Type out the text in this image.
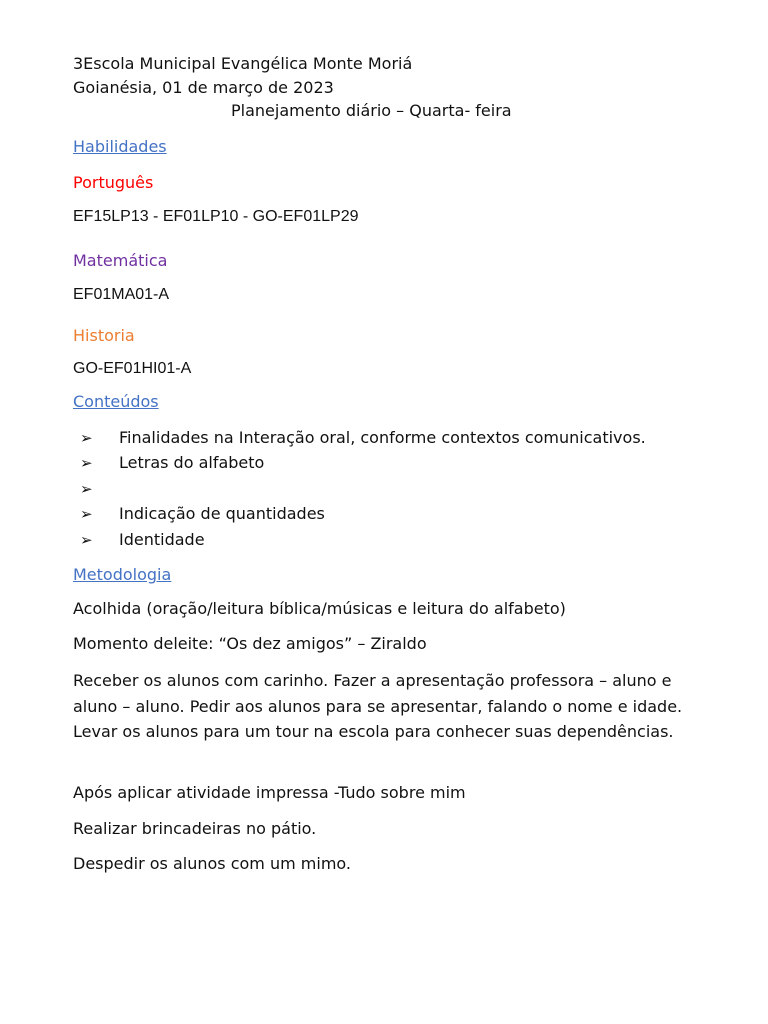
3Escola Municipal Evangélica Monte Moriá
Goianésia, 01 de março de 2023
Planejamento diário – Quarta- feira
Habilidades
Português
EF15LP13 - EF01LP10 - GO-EF01LP29
Matemática
EF01MA01-A
Historia
GO-EF01HI01-A
Conteúdos
➢ Finalidades na Interação oral, conforme contextos comunicativos.
➢ Letras do alfabeto
➢
➢ Indicação de quantidades
➢ Identidade
Metodologia
Acolhida (oração/leitura bíblica/músicas e leitura do alfabeto)
Momento deleite: “Os dez amigos” – Ziraldo
Receber os alunos com carinho. Fazer a apresentação professora – aluno e aluno – aluno. Pedir aos alunos para se apresentar, falando o nome e idade. Levar os alunos para um tour na escola para conhecer suas dependências.
Após aplicar atividade impressa -Tudo sobre mim
Realizar brincadeiras no pátio.
Despedir os alunos com um mimo.
